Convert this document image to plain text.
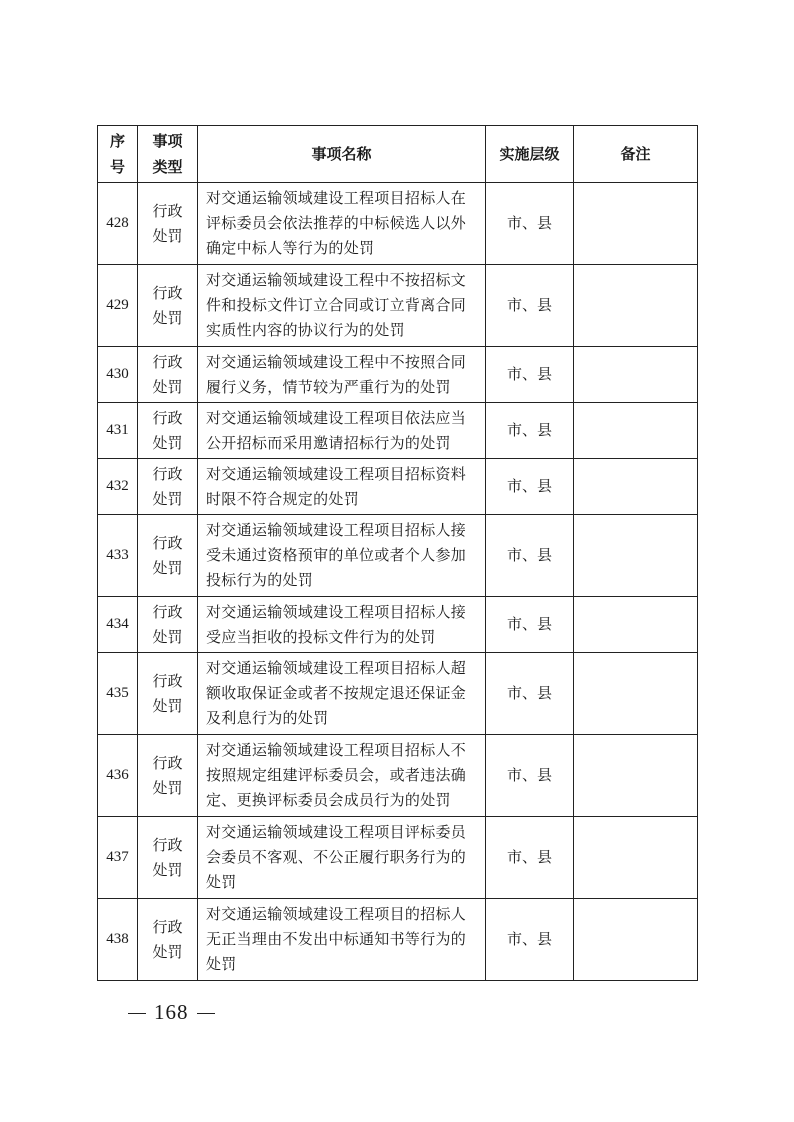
序号	事项类型	事项名称	实施层级	备注
428	行政处罚	对交通运输领域建设工程项目招标人在评标委员会依法推荐的中标候选人以外确定中标人等行为的处罚	市、县	
429	行政处罚	对交通运输领域建设工程中不按招标文件和投标文件订立合同或订立背离合同实质性内容的协议行为的处罚	市、县	
430	行政处罚	对交通运输领域建设工程中不按照合同履行义务，情节较为严重行为的处罚	市、县	
431	行政处罚	对交通运输领域建设工程项目依法应当公开招标而采用邀请招标行为的处罚	市、县	
432	行政处罚	对交通运输领域建设工程项目招标资料时限不符合规定的处罚	市、县	
433	行政处罚	对交通运输领域建设工程项目招标人接受未通过资格预审的单位或者个人参加投标行为的处罚	市、县	
434	行政处罚	对交通运输领域建设工程项目招标人接受应当拒收的投标文件行为的处罚	市、县	
435	行政处罚	对交通运输领域建设工程项目招标人超额收取保证金或者不按规定退还保证金及利息行为的处罚	市、县	
436	行政处罚	对交通运输领域建设工程项目招标人不按照规定组建评标委员会，或者违法确定、更换评标委员会成员行为的处罚	市、县	
437	行政处罚	对交通运输领域建设工程项目评标委员会委员不客观、不公正履行职务行为的处罚	市、县	
438	行政处罚	对交通运输领域建设工程项目的招标人无正当理由不发出中标通知书等行为的处罚	市、县	
168
